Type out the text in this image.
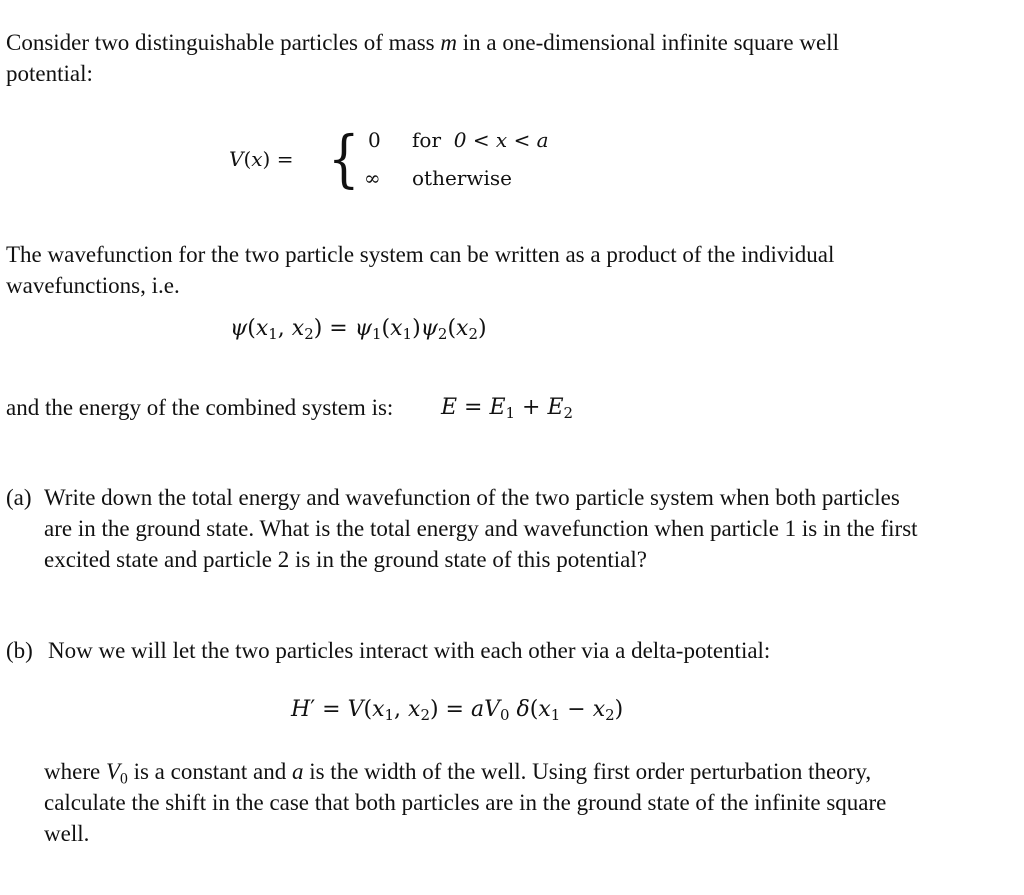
Consider two distinguishable particles of mass m in a one-dimensional infinite square well
potential:
V(x) = { 0 for 0 < x < a
∞ otherwise
The wavefunction for the two particle system can be written as a product of the individual
wavefunctions, i.e.
$\psi(x_1$, $x_2) = \psi_1(x_1)\psi_2(x_2)$
and the energy of the combined system is: $E = E_1 + E_2$
(a) Write down the total energy and wavefunction of the two particle system when both particles
are in the ground state. What is the total energy and wavefunction when particle 1 is in the first
excited state and particle 2 is in the ground state of this potential?
(b) Now we will let the two particles interact with each other via a delta-potential:
$H' = V(x_1$, $x_2) = aV_0$ $\delta(x_1 - x_2)$
where $V_0$ is a constant and a is the width of the well. Using first order perturbation theory,
calculate the shift in the case that both particles are in the ground state of the infinite square
well.
